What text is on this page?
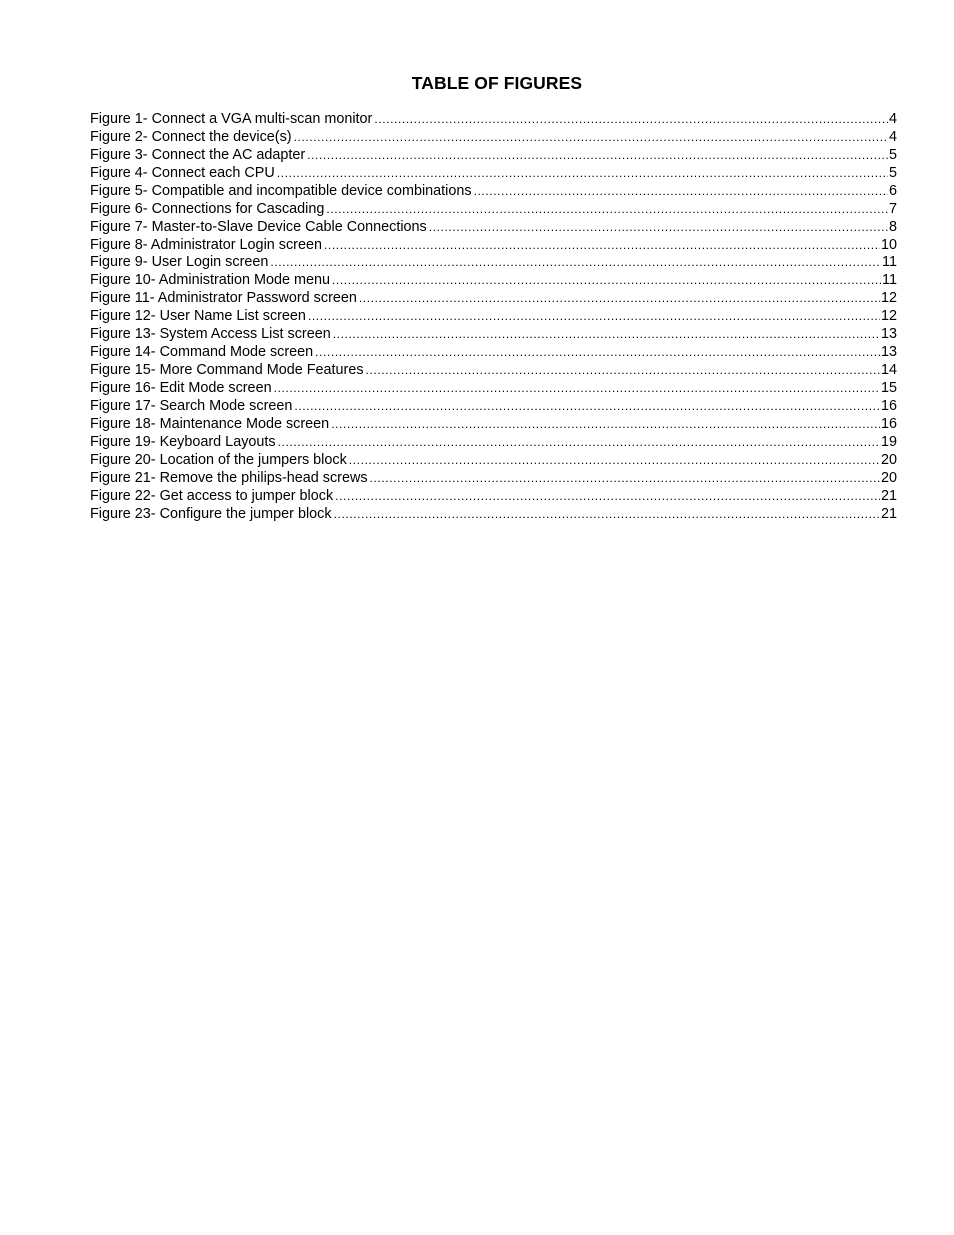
TABLE OF FIGURES
Figure 1- Connect a VGA multi-scan monitor .....	4
Figure 2- Connect the device(s) .....	4
Figure 3- Connect the AC adapter .....	5
Figure 4- Connect each CPU .....	5
Figure 5- Compatible and incompatible device combinations .....	6
Figure 6- Connections for Cascading .....	7
Figure 7- Master-to-Slave Device Cable Connections .....	8
Figure 8- Administrator Login screen .....	10
Figure 9- User Login screen .....	11
Figure 10- Administration Mode menu .....	11
Figure 11- Administrator Password screen .....	12
Figure 12- User Name List screen .....	12
Figure 13- System Access List screen .....	13
Figure 14- Command Mode screen .....	13
Figure 15- More Command Mode Features .....	14
Figure 16- Edit Mode screen .....	15
Figure 17- Search Mode screen .....	16
Figure 18- Maintenance Mode screen .....	16
Figure 19- Keyboard Layouts .....	19
Figure 20- Location of the jumpers block .....	20
Figure 21- Remove the philips-head screws .....	20
Figure 22- Get access to jumper block .....	21
Figure 23- Configure the jumper block .....	21
